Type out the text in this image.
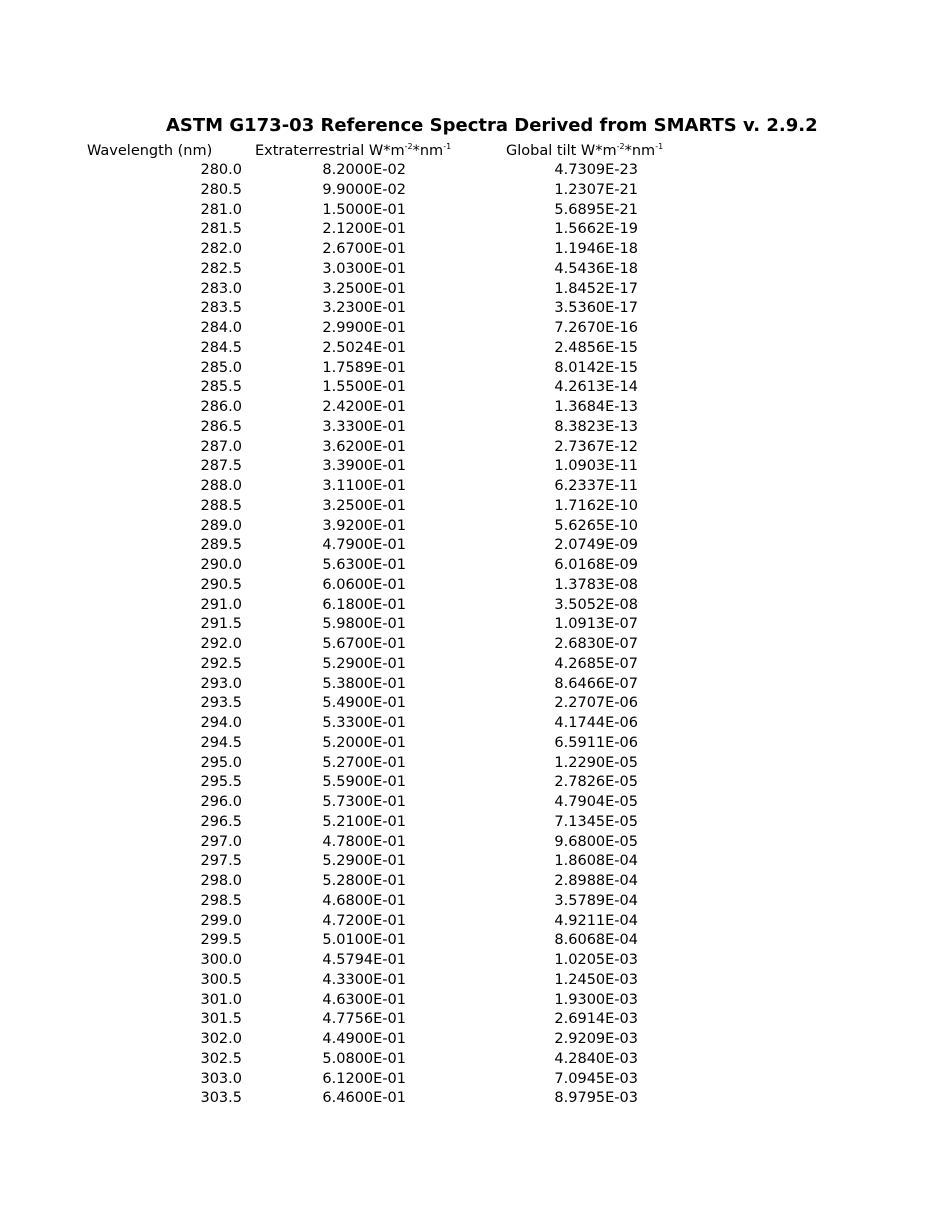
ASTM G173-03 Reference Spectra Derived from SMARTS v. 2.9.2
Wavelength (nm)	Extraterrestrial $W*m^{-2}*nm^{-1}$	Global tilt $W*m^{-2}*nm^{-1}$
280.0	8.2000E-02	4.7309E-23
280.5	9.9000E-02	1.2307E-21
281.0	1.5000E-01	5.6895E-21
281.5	2.1200E-01	1.5662E-19
282.0	2.6700E-01	1.1946E-18
282.5	3.0300E-01	4.5436E-18
283.0	3.2500E-01	1.8452E-17
283.5	3.2300E-01	3.5360E-17
284.0	2.9900E-01	7.2670E-16
284.5	2.5024E-01	2.4856E-15
285.0	1.7589E-01	8.0142E-15
285.5	1.5500E-01	4.2613E-14
286.0	2.4200E-01	1.3684E-13
286.5	3.3300E-01	8.3823E-13
287.0	3.6200E-01	2.7367E-12
287.5	3.3900E-01	1.0903E-11
288.0	3.1100E-01	6.2337E-11
288.5	3.2500E-01	1.7162E-10
289.0	3.9200E-01	5.6265E-10
289.5	4.7900E-01	2.0749E-09
290.0	5.6300E-01	6.0168E-09
290.5	6.0600E-01	1.3783E-08
291.0	6.1800E-01	3.5052E-08
291.5	5.9800E-01	1.0913E-07
292.0	5.6700E-01	2.6830E-07
292.5	5.2900E-01	4.2685E-07
293.0	5.3800E-01	8.6466E-07
293.5	5.4900E-01	2.2707E-06
294.0	5.3300E-01	4.1744E-06
294.5	5.2000E-01	6.5911E-06
295.0	5.2700E-01	1.2290E-05
295.5	5.5900E-01	2.7826E-05
296.0	5.7300E-01	4.7904E-05
296.5	5.2100E-01	7.1345E-05
297.0	4.7800E-01	9.6800E-05
297.5	5.2900E-01	1.8608E-04
298.0	5.2800E-01	2.8988E-04
298.5	4.6800E-01	3.5789E-04
299.0	4.7200E-01	4.9211E-04
299.5	5.0100E-01	8.6068E-04
300.0	4.5794E-01	1.0205E-03
300.5	4.3300E-01	1.2450E-03
301.0	4.6300E-01	1.9300E-03
301.5	4.7756E-01	2.6914E-03
302.0	4.4900E-01	2.9209E-03
302.5	5.0800E-01	4.2840E-03
303.0	6.1200E-01	7.0945E-03
303.5	6.4600E-01	8.9795E-03
